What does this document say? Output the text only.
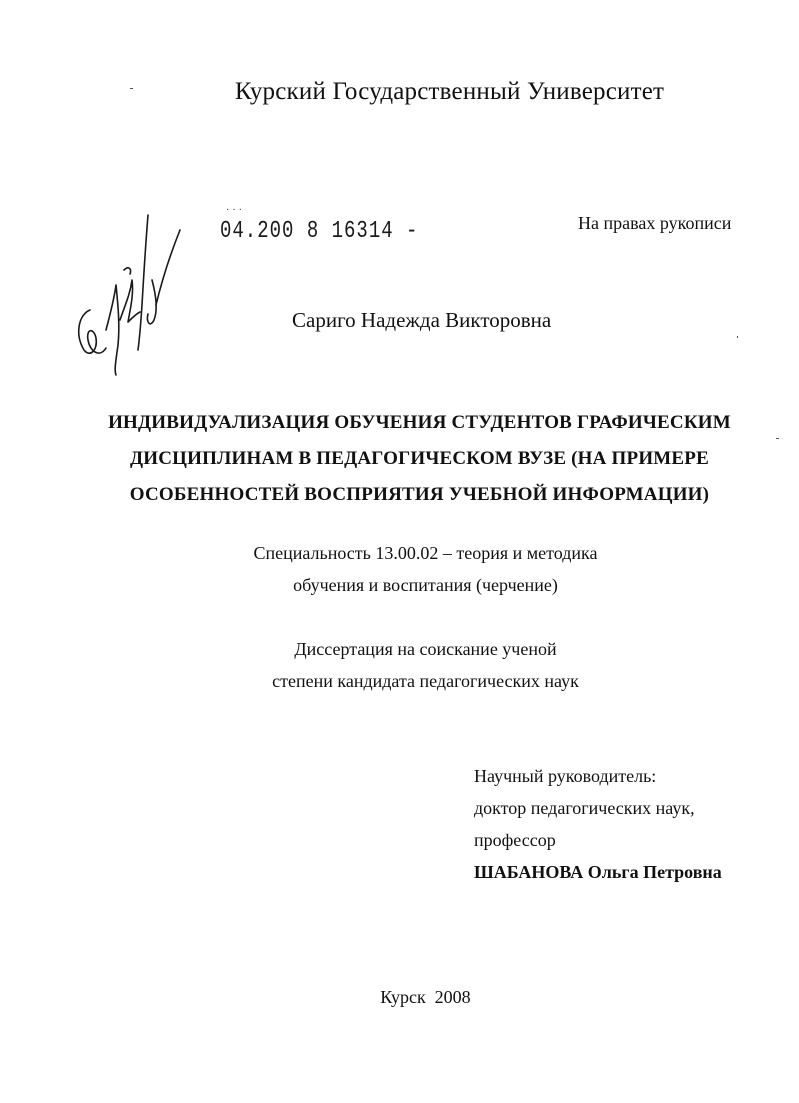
Курский Государственный Университет
···
04.200 8 16314 -	На правах рукописи
Сариго Надежда Викторовна
ИНДИВИДУАЛИЗАЦИЯ ОБУЧЕНИЯ СТУДЕНТОВ ГРАФИЧЕСКИМ
ДИСЦИПЛИНАМ В ПЕДАГОГИЧЕСКОМ ВУЗЕ (НА ПРИМЕРЕ
ОСОБЕННОСТЕЙ ВОСПРИЯТИЯ УЧЕБНОЙ ИНФОРМАЦИИ)
Специальность 13.00.02 – теория и методика
обучения и воспитания (черчение)
Диссертация на соискание ученой
степени кандидата педагогических наук
Научный руководитель:
доктор педагогических наук,
профессор
ШАБАНОВА Ольга Петровна
Курск  2008
